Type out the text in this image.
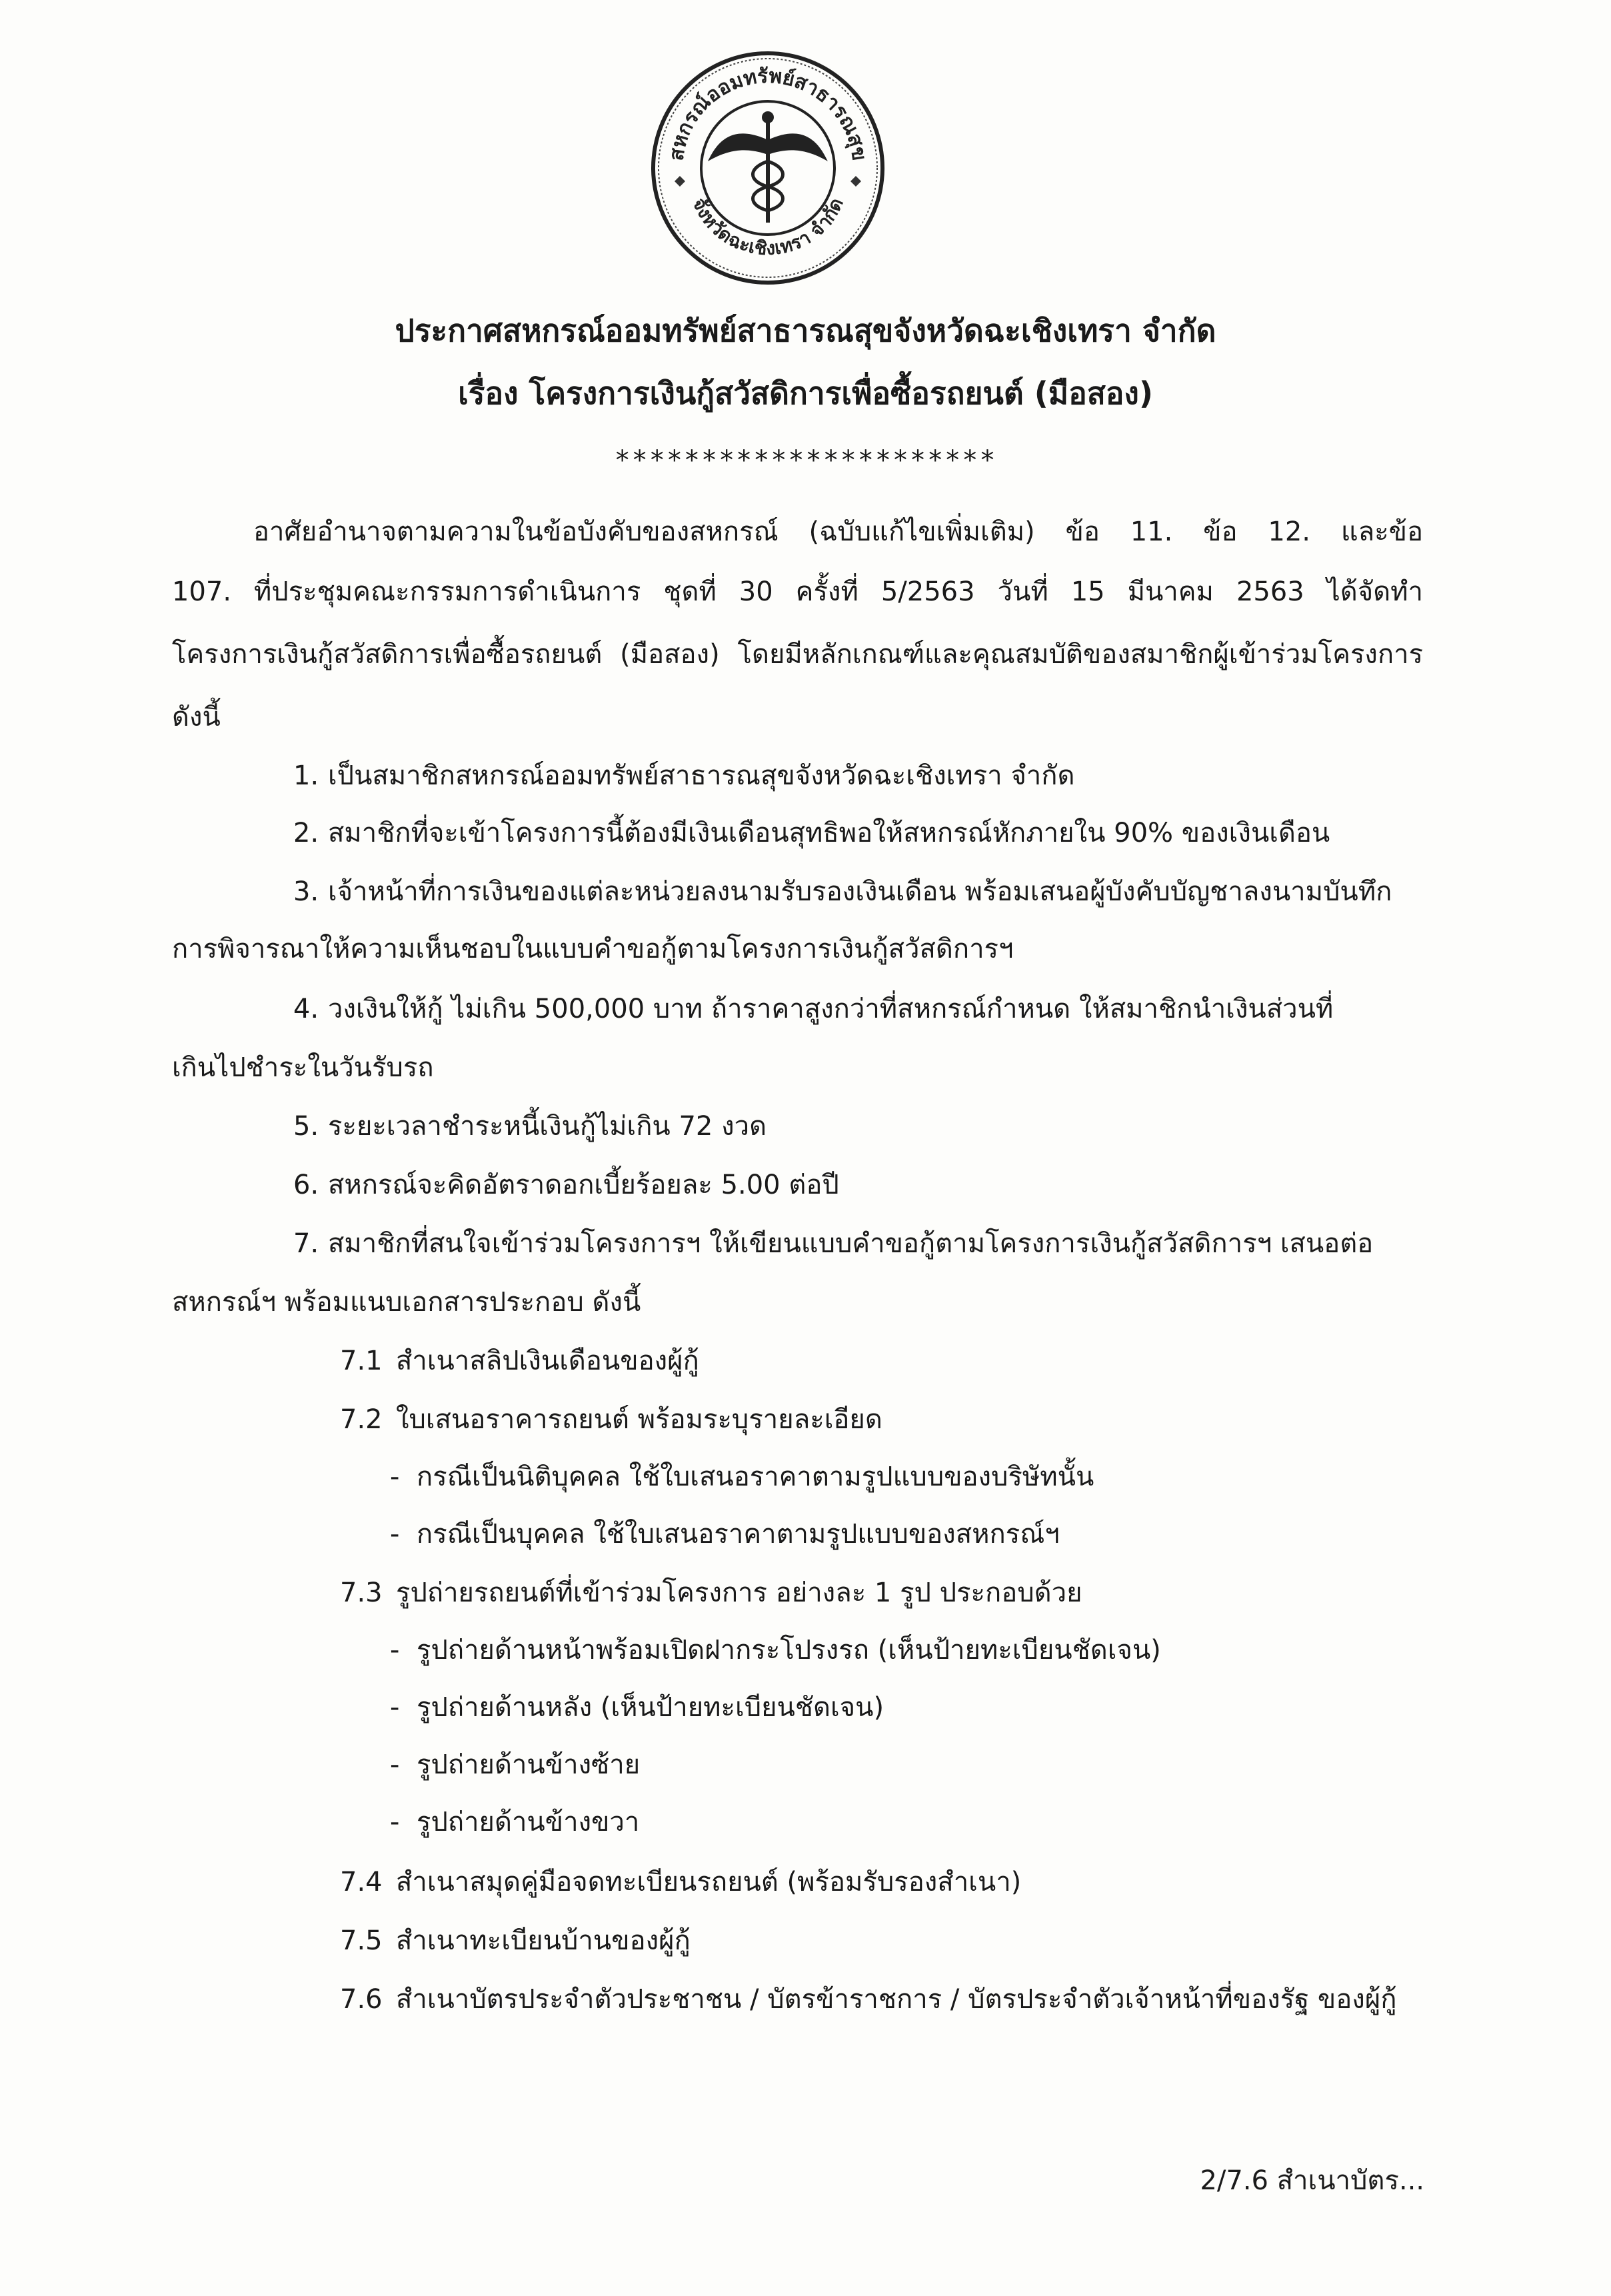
สหกรณ์ออมทรัพย์สาธารณสุข
จังหวัดฉะเชิงเทรา จำกัด
ประกาศสหกรณ์ออมทรัพย์สาธารณสุขจังหวัดฉะเชิงเทรา จำกัด
เรื่อง โครงการเงินกู้สวัสดิการเพื่อซื้อรถยนต์ (มือสอง)
**********************
อาศัยอำนาจตามความในข้อบังคับของสหกรณ์ (ฉบับแก้ไขเพิ่มเติม) ข้อ 11. ข้อ 12. และข้อ
107. ที่ประชุมคณะกรรมการดำเนินการ ชุดที่ 30 ครั้งที่ 5/2563 วันที่ 15 มีนาคม 2563 ได้จัดทำ
โครงการเงินกู้สวัสดิการเพื่อซื้อรถยนต์ (มือสอง) โดยมีหลักเกณฑ์และคุณสมบัติของสมาชิกผู้เข้าร่วมโครงการ
ดังนี้
1. เป็นสมาชิกสหกรณ์ออมทรัพย์สาธารณสุขจังหวัดฉะเชิงเทรา จำกัด
2. สมาชิกที่จะเข้าโครงการนี้ต้องมีเงินเดือนสุทธิพอให้สหกรณ์หักภายใน 90% ของเงินเดือน
3. เจ้าหน้าที่การเงินของแต่ละหน่วยลงนามรับรองเงินเดือน พร้อมเสนอผู้บังคับบัญชาลงนามบันทึก
การพิจารณาให้ความเห็นชอบในแบบคำขอกู้ตามโครงการเงินกู้สวัสดิการฯ
4. วงเงินให้กู้ ไม่เกิน 500,000 บาท ถ้าราคาสูงกว่าที่สหกรณ์กำหนด ให้สมาชิกนำเงินส่วนที่
เกินไปชำระในวันรับรถ
5. ระยะเวลาชำระหนี้เงินกู้ไม่เกิน 72 งวด
6. สหกรณ์จะคิดอัตราดอกเบี้ยร้อยละ 5.00 ต่อปี
7. สมาชิกที่สนใจเข้าร่วมโครงการฯ ให้เขียนแบบคำขอกู้ตามโครงการเงินกู้สวัสดิการฯ เสนอต่อ
สหกรณ์ฯ พร้อมแนบเอกสารประกอบ ดังนี้
7.1 สำเนาสลิปเงินเดือนของผู้กู้
7.2 ใบเสนอราคารถยนต์ พร้อมระบุรายละเอียด
- กรณีเป็นนิติบุคคล ใช้ใบเสนอราคาตามรูปแบบของบริษัทนั้น
- กรณีเป็นบุคคล ใช้ใบเสนอราคาตามรูปแบบของสหกรณ์ฯ
7.3 รูปถ่ายรถยนต์ที่เข้าร่วมโครงการ อย่างละ 1 รูป ประกอบด้วย
- รูปถ่ายด้านหน้าพร้อมเปิดฝากระโปรงรถ (เห็นป้ายทะเบียนชัดเจน)
- รูปถ่ายด้านหลัง (เห็นป้ายทะเบียนชัดเจน)
- รูปถ่ายด้านข้างซ้าย
- รูปถ่ายด้านข้างขวา
7.4 สำเนาสมุดคู่มือจดทะเบียนรถยนต์ (พร้อมรับรองสำเนา)
7.5 สำเนาทะเบียนบ้านของผู้กู้
7.6 สำเนาบัตรประจำตัวประชาชน / บัตรข้าราชการ / บัตรประจำตัวเจ้าหน้าที่ของรัฐ ของผู้กู้
2/7.6 สำเนาบัตร...
